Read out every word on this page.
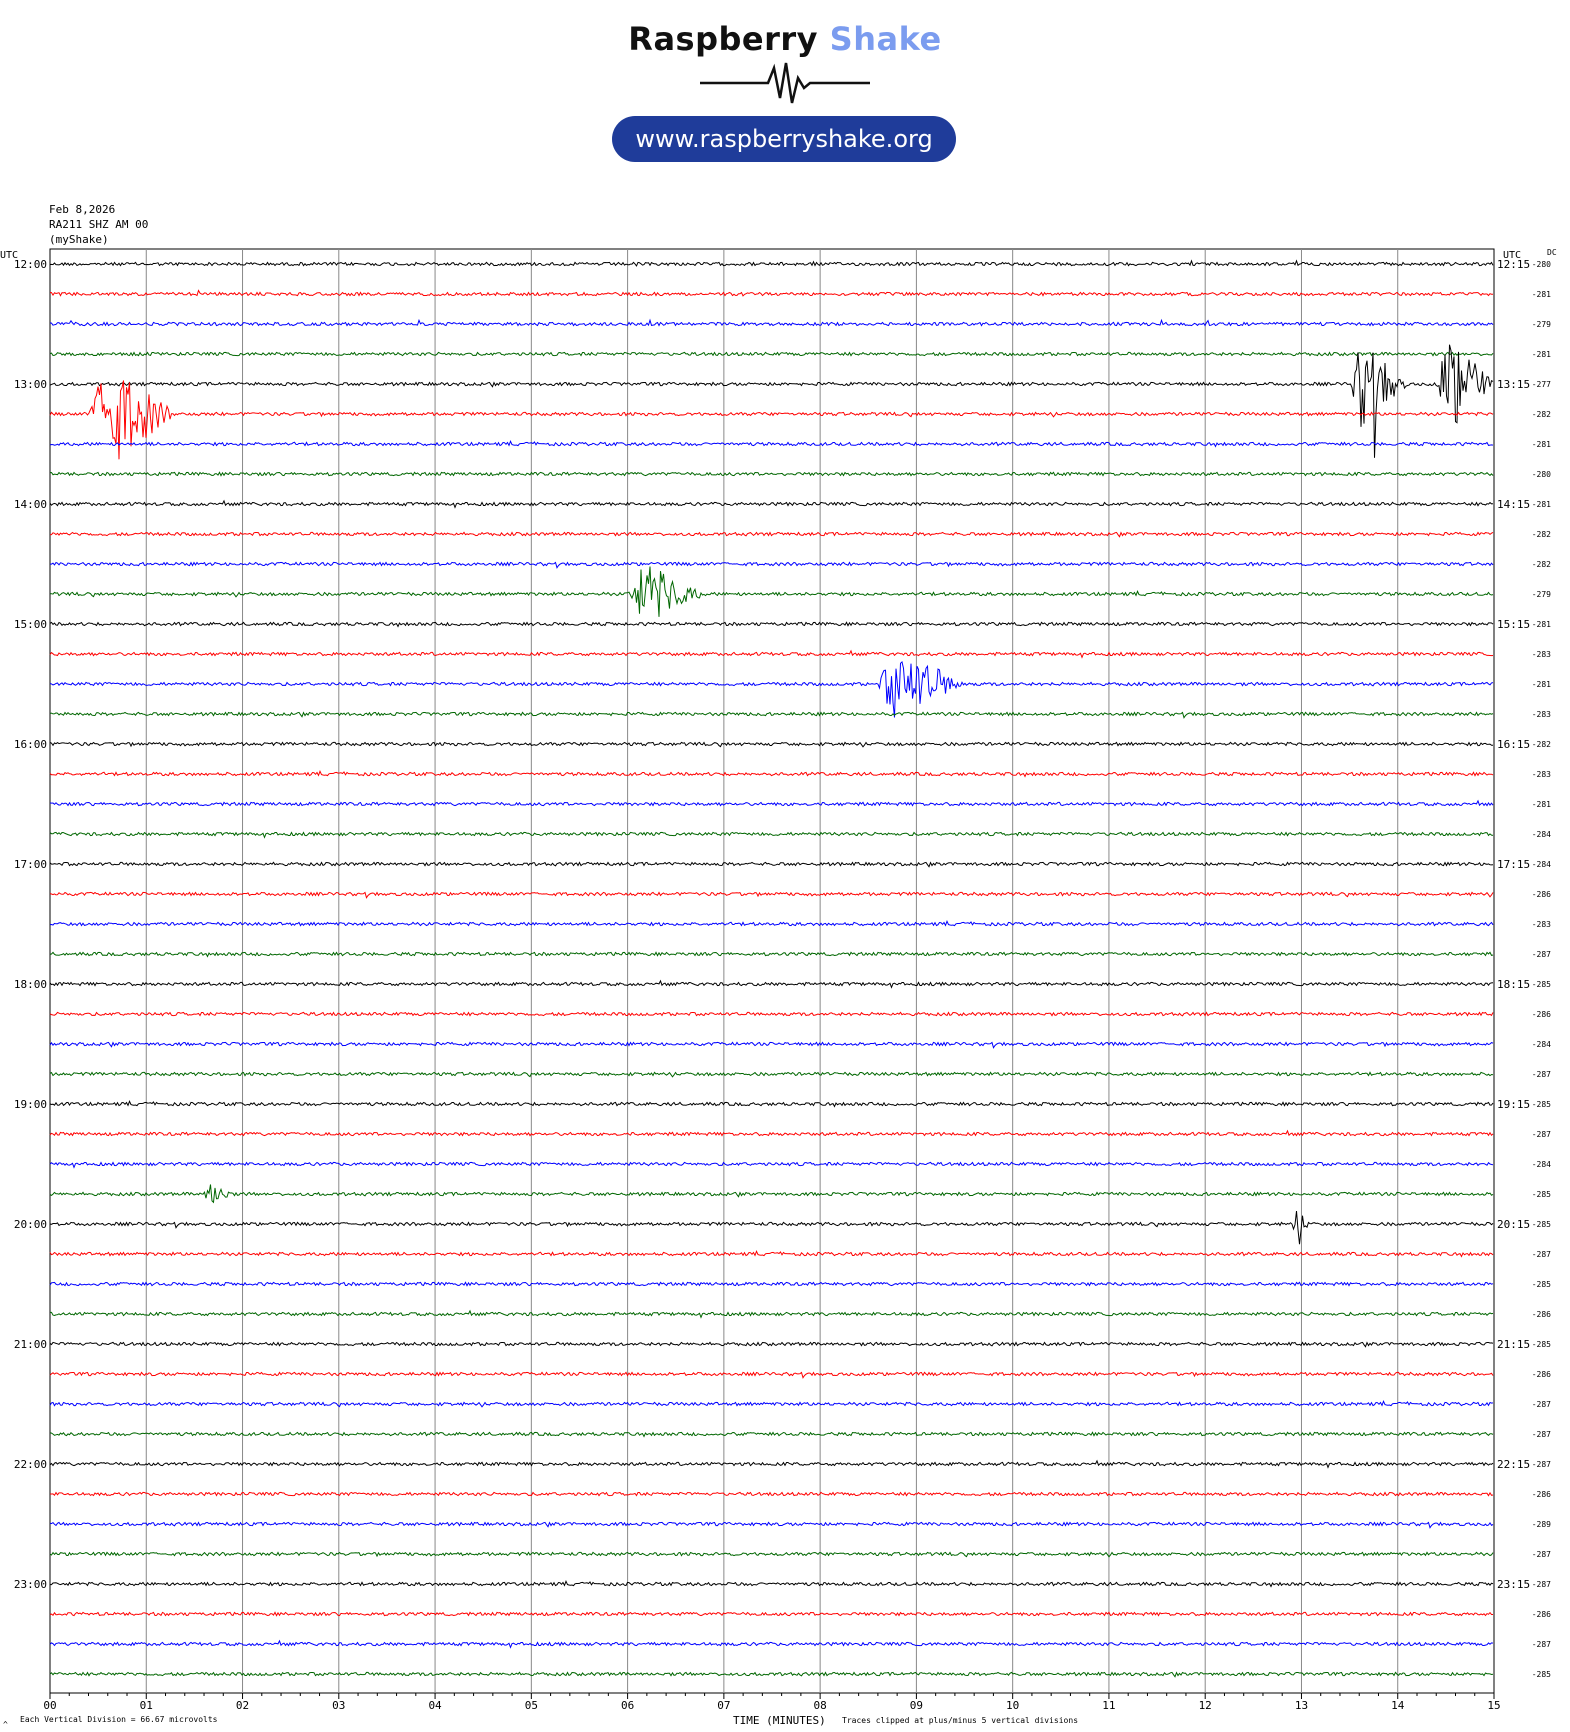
Raspberry Shake
www.raspberryshake.org
Feb 8,2026
RA211 SHZ AM 00
(myShake)
-280
-281
-279
-281
-277
-282
-281
-280
-281
-282
-282
-279
-281
-283
-281
-283
-282
-283
-281
-284
-284
-286
-283
-287
-285
-286
-284
-287
-285
-287
-284
-285
-285
-287
-285
-286
-285
-286
-287
-287
-287
-286
-289
-287
-287
-286
-287
-285
12:00
13:00
14:00
15:00
16:00
17:00
18:00
19:00
20:00
21:00
22:00
23:00
12:15
13:15
14:15
15:15
16:15
17:15
18:15
19:15
20:15
21:15
22:15
23:15
UTC	UTC	DC
00	01	02	03	04	05	06	07	08	09	10	11	12	13	14	15
TIME (MINUTES)
Each Vertical Division = 66.67 microvolts	Traces clipped at plus/minus 5 vertical divisions
^
